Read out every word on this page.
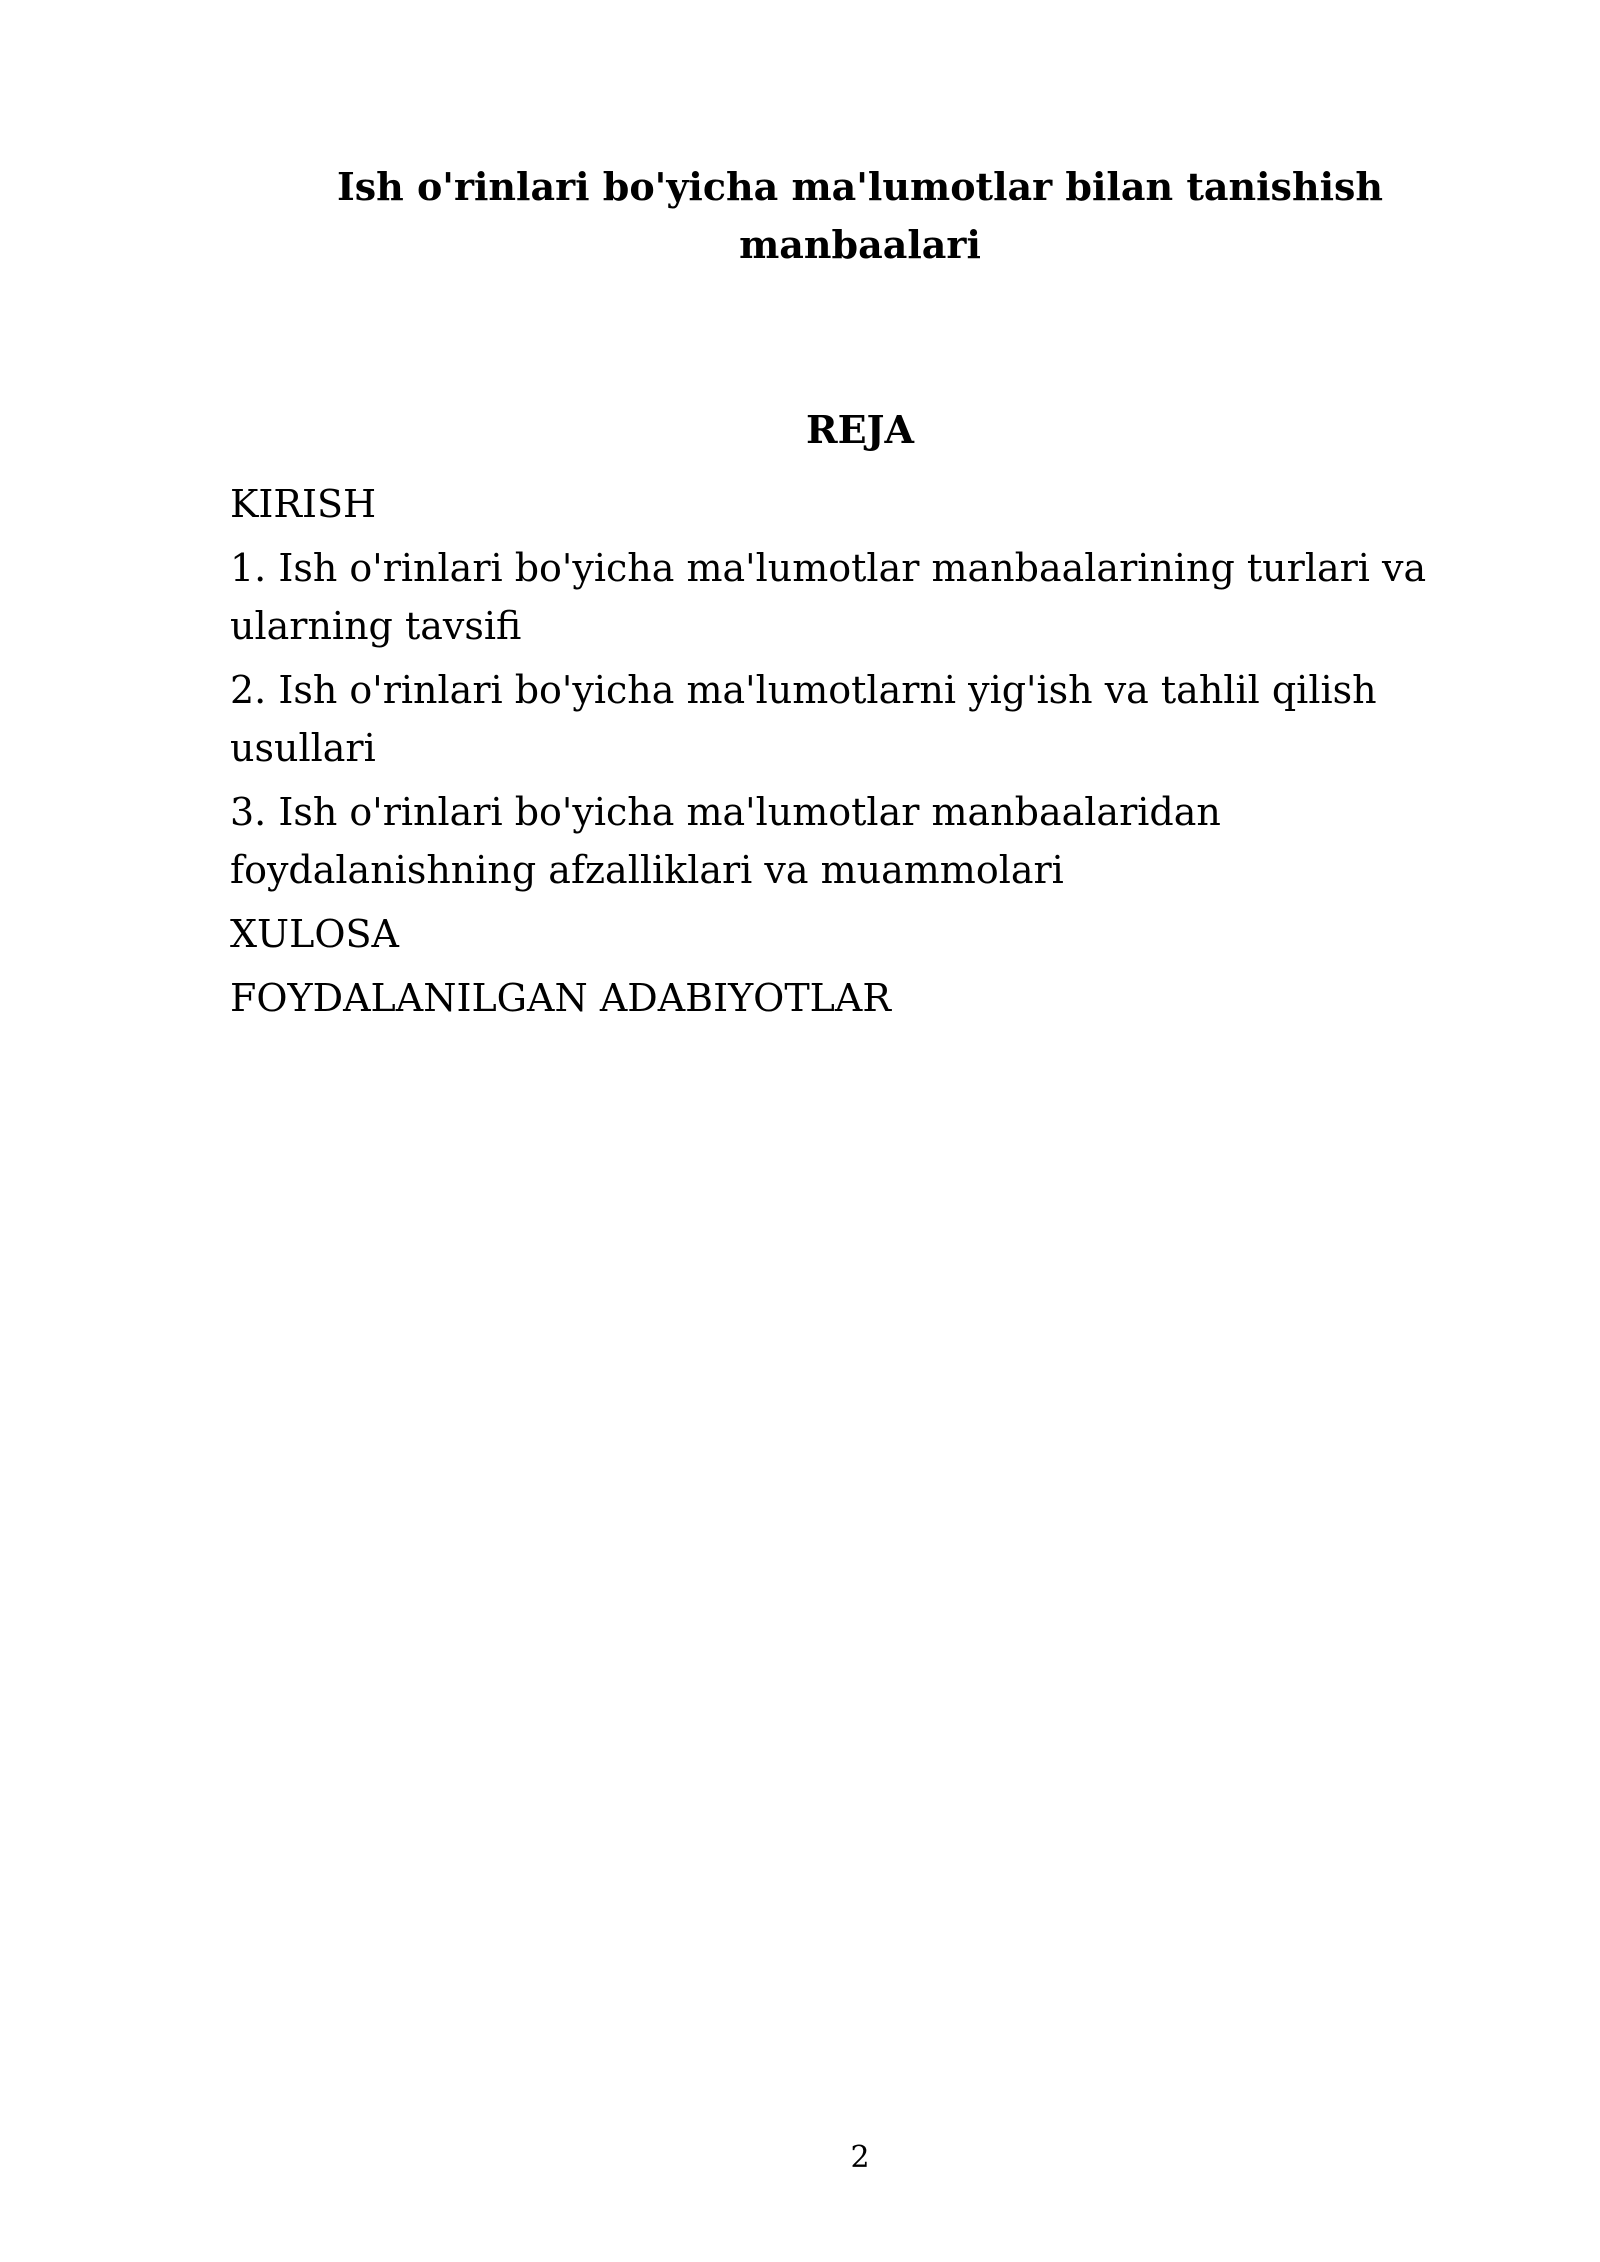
Ish o'rinlari bo'yicha ma'lumotlar bilan tanishish manbaalari
REJA
KIRISH
1. Ish o'rinlari bo'yicha ma'lumotlar manbaalarining turlari va ularning tavsifi
2. Ish o'rinlari bo'yicha ma'lumotlarni yig'ish va tahlil qilish usullari
3. Ish o'rinlari bo'yicha ma'lumotlar manbaalaridan foydalanishning afzalliklari va muammolari
XULOSA
FOYDALANILGAN ADABIYOTLAR
2
